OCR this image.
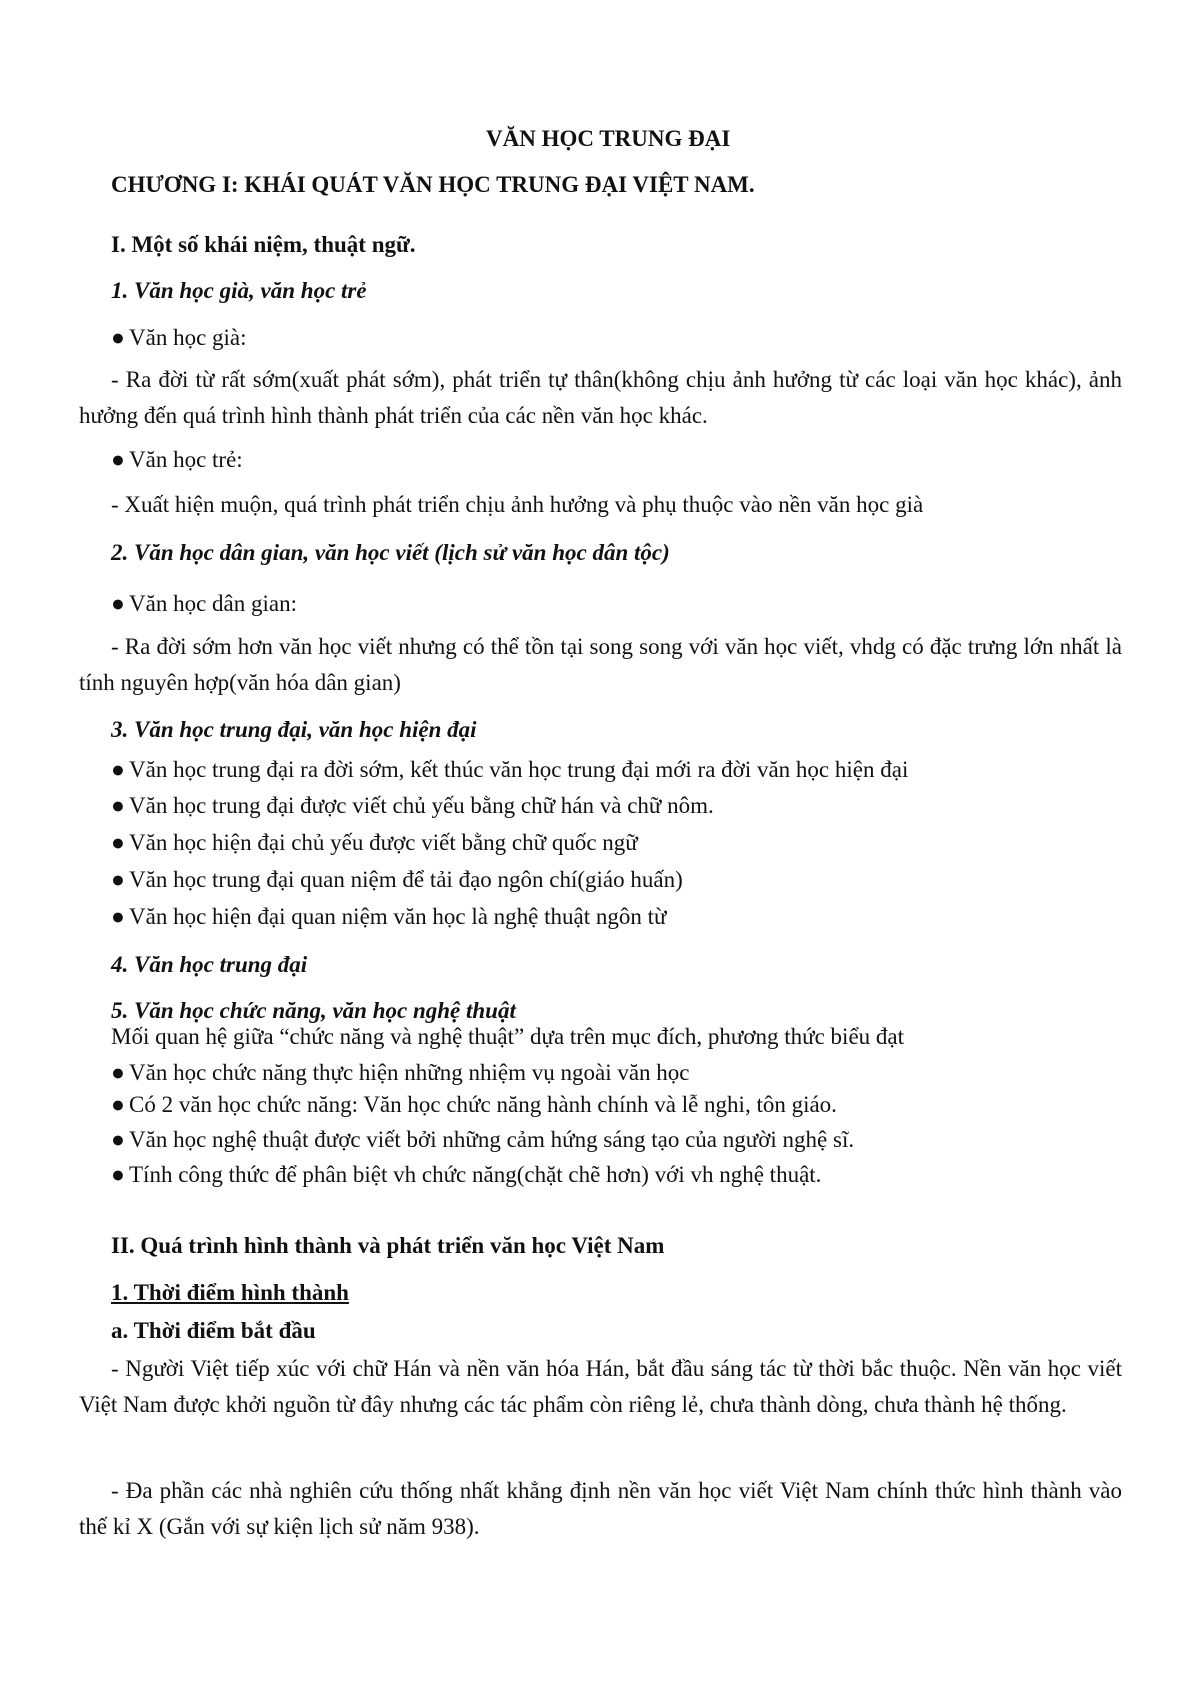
VĂN HỌC TRUNG ĐẠI
CHƯƠNG I: KHÁI QUÁT VĂN HỌC TRUNG ĐẠI VIỆT NAM.
I. Một số khái niệm, thuật ngữ.
1. Văn học già, văn học trẻ
● Văn học già:
- Ra đời từ rất sớm(xuất phát sớm), phát triển tự thân(không chịu ảnh hưởng từ các loại văn học khác), ảnh hưởng đến quá trình hình thành phát triển của các nền văn học khác.
● Văn học trẻ:
- Xuất hiện muộn, quá trình phát triển chịu ảnh hưởng và phụ thuộc vào nền văn học già
2. Văn học dân gian, văn học viết (lịch sử văn học dân tộc)
● Văn học dân gian:
- Ra đời sớm hơn văn học viết nhưng có thể tồn tại song song với văn học viết, vhdg có đặc trưng lớn nhất là tính nguyên hợp(văn hóa dân gian)
3. Văn học trung đại, văn học hiện đại
● Văn học trung đại ra đời sớm, kết thúc văn học trung đại mới ra đời văn học hiện đại
● Văn học trung đại được viết chủ yếu bằng chữ hán và chữ nôm.
● Văn học hiện đại chủ yếu được viết bằng chữ quốc ngữ
● Văn học trung đại quan niệm để tải đạo ngôn chí(giáo huấn)
● Văn học hiện đại quan niệm văn học là nghệ thuật ngôn từ
4. Văn học trung đại
5. Văn học chức năng, văn học nghệ thuật
Mối quan hệ giữa “chức năng và nghệ thuật” dựa trên mục đích, phương thức biểu đạt
● Văn học chức năng thực hiện những nhiệm vụ ngoài văn học
● Có 2 văn học chức năng: Văn học chức năng hành chính và lễ nghi, tôn giáo.
● Văn học nghệ thuật được viết bởi những cảm hứng sáng tạo của người nghệ sĩ.
● Tính công thức để phân biệt vh chức năng(chặt chẽ hơn) với vh nghệ thuật.
II. Quá trình hình thành và phát triển văn học Việt Nam
1. Thời điểm hình thành
a. Thời điểm bắt đầu
- Người Việt tiếp xúc với chữ Hán và nền văn hóa Hán, bắt đầu sáng tác từ thời bắc thuộc. Nền văn học viết Việt Nam được khởi nguồn từ đây nhưng các tác phẩm còn riêng lẻ, chưa thành dòng, chưa thành hệ thống.
- Đa phần các nhà nghiên cứu thống nhất khẳng định nền văn học viết Việt Nam chính thức hình thành vào thế kỉ X (Gắn với sự kiện lịch sử năm 938).
